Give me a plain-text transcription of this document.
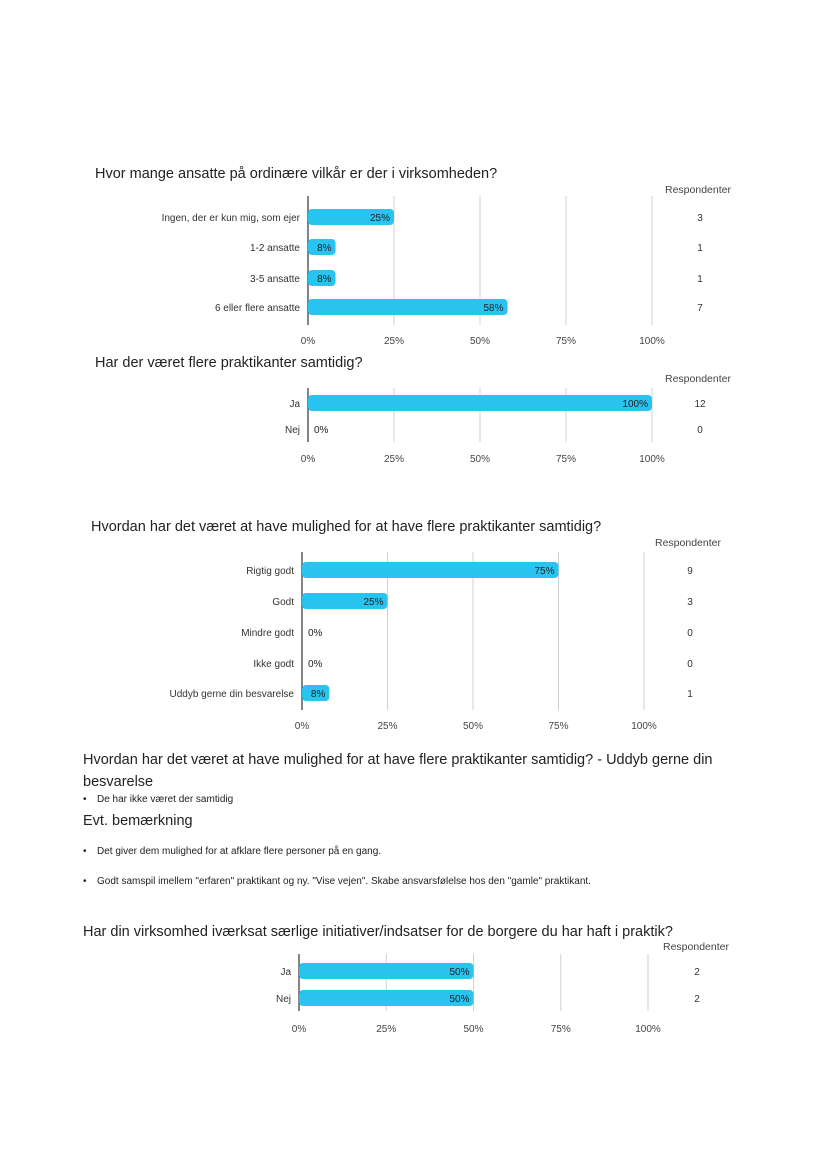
Hvor mange ansatte på ordinære vilkår er der i virksomheden?
Respondenter
0%	25%	50%	75%	100%
Ingen, der er kun mig, som ejer	25%	3
1-2 ansatte 8%	1
3-5 ansatte 8%	1
6 eller flere ansatte	58%	7
Har der været flere praktikanter samtidig?
Respondenter
0%	25%	50%	75%	100%
Ja	100%	12
Nej 0%	0
Hvordan har det været at have mulighed for at have flere praktikanter samtidig?
Respondenter
0%	25%	50%	75%	100%
Rigtig godt	75%	9
Godt	25%	3
Mindre godt 0%	0
Ikke godt 0%	0
Uddyb gerne din besvarelse 8%	1
Hvordan har det været at have mulighed for at have flere praktikanter samtidig? - Uddyb gerne din besvarelse
• De har ikke været der samtidig
Evt. bemærkning
• Det giver dem mulighed for at afklare flere personer på en gang.
• Godt samspil imellem "erfaren" praktikant og ny. "Vise vejen". Skabe ansvarsfølelse hos den "gamle" praktikant.
Har din virksomhed iværksat særlige initiativer/indsatser for de borgere du har haft i praktik?
Respondenter
0%	25%	50%	75%	100%
Ja	50%	2
Nej	50%	2
